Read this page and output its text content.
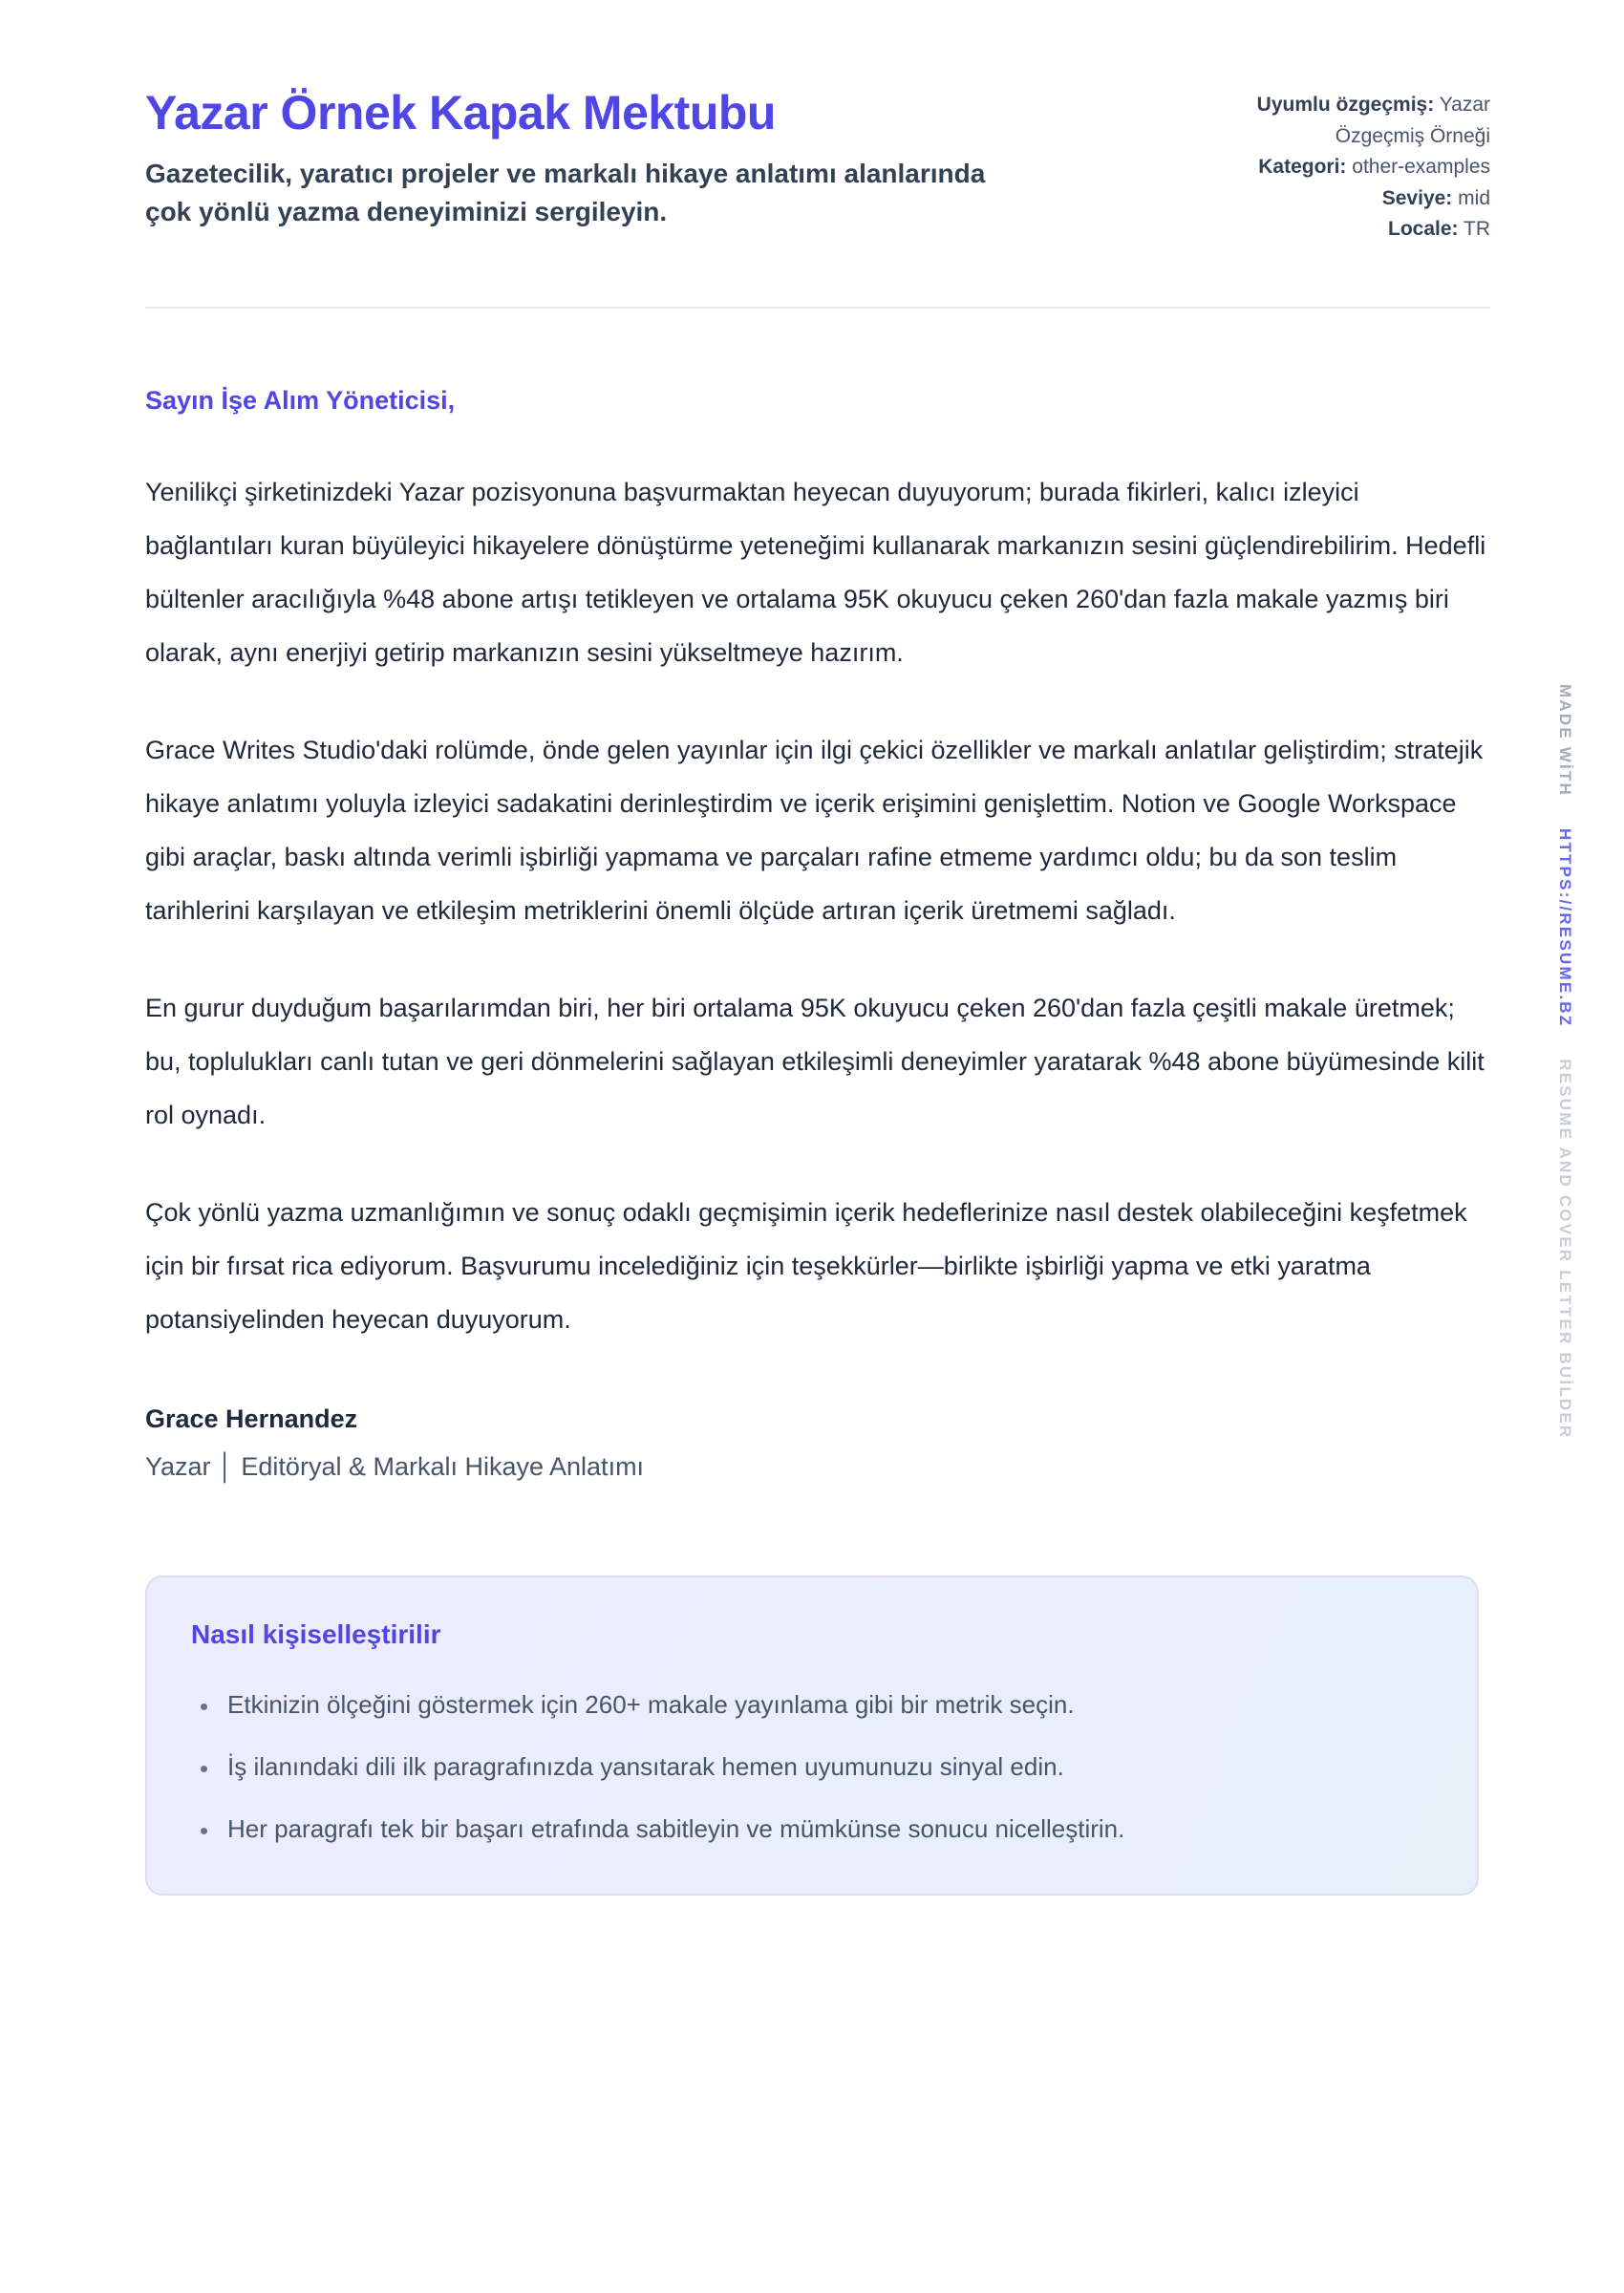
Yazar Örnek Kapak Mektubu

Gazetecilik, yaratıcı projeler ve markalı hikaye anlatımı alanlarında çok yönlü yazma deneyiminizi sergileyin.

Uyumlu özgeçmiş: Yazar Özgeçmiş Örneği
Kategori: other-examples
Seviye: mid
Locale: TR

Sayın İşe Alım Yöneticisi,

Yenilikçi şirketinizdeki Yazar pozisyonuna başvurmaktan heyecan duyuyorum; burada fikirleri, kalıcı izleyici bağlantıları kuran büyüleyici hikayelere dönüştürme yeteneğimi kullanarak markanızın sesini güçlendirebilirim. Hedefli bültenler aracılığıyla %48 abone artışı tetikleyen ve ortalama 95K okuyucu çeken 260'dan fazla makale yazmış biri olarak, aynı enerjiyi getirip markanızın sesini yükseltmeye hazırım.

Grace Writes Studio'daki rolümde, önde gelen yayınlar için ilgi çekici özellikler ve markalı anlatılar geliştirdim; stratejik hikaye anlatımı yoluyla izleyici sadakatini derinleştirdim ve içerik erişimini genişlettim. Notion ve Google Workspace gibi araçlar, baskı altında verimli işbirliği yapmama ve parçaları rafine etmeme yardımcı oldu; bu da son teslim tarihlerini karşılayan ve etkileşim metriklerini önemli ölçüde artıran içerik üretmemi sağladı.

En gurur duyduğum başarılarımdan biri, her biri ortalama 95K okuyucu çeken 260'dan fazla çeşitli makale üretmek; bu, toplulukları canlı tutan ve geri dönmelerini sağlayan etkileşimli deneyimler yaratarak %48 abone büyümesinde kilit rol oynadı.

Çok yönlü yazma uzmanlığımın ve sonuç odaklı geçmişimin içerik hedeflerinize nasıl destek olabileceğini keşfetmek için bir fırsat rica ediyorum. Başvurumu incelediğiniz için teşekkürler—birlikte işbirliği yapma ve etki yaratma potansiyelinden heyecan duyuyorum.

Grace Hernandez

Yazar │ Editöryal & Markalı Hikaye Anlatımı

Nasıl kişiselleştirilir
• Etkinizin ölçeğini göstermek için 260+ makale yayınlama gibi bir metrik seçin.
• İş ilanındaki dili ilk paragrafınızda yansıtarak hemen uyumunuzu sinyal edin.
• Her paragrafı tek bir başarı etrafında sabitleyin ve mümkünse sonucu nicelleştirin.
MADE WİTH HTTPS://RESUME.BZ RESUME AND COVER LETTER BUİLDER
